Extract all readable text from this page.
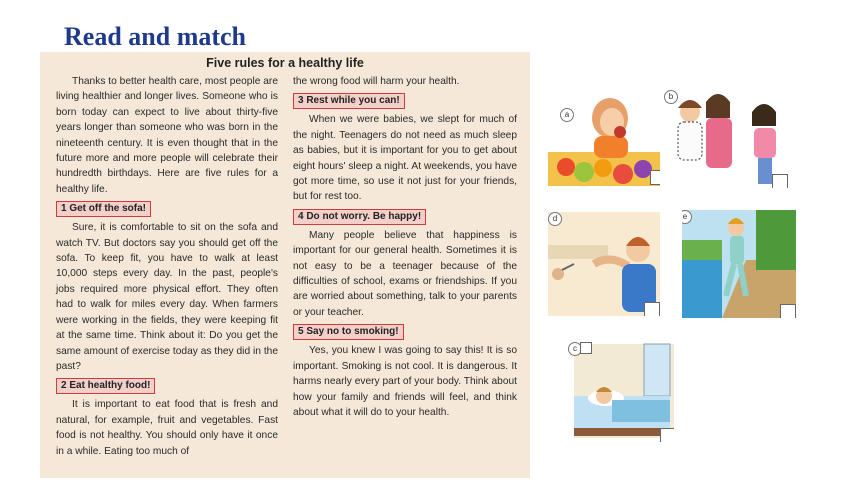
Read and match
Five rules for a healthy life

Thanks to better health care, most people are living healthier and longer lives. Someone who is born today can expect to live about thirty-five years longer than someone who was born in the nineteenth century. It is even thought that in the future more and more people will celebrate their hundredth birthdays. Here are five rules for a healthy life.

1 Get off the sofa!

Sure, it is comfortable to sit on the sofa and watch TV. But doctors say you should get off the sofa. To keep fit, you have to walk at least 10,000 steps every day. In the past, people's jobs required more physical effort. They often had to walk for miles every day. When farmers were working in the fields, they were keeping fit at the same time. Think about it: Do you get the same amount of exercise today as they did in the past?

2 Eat healthy food!

It is important to eat food that is fresh and natural, for example, fruit and vegetables. Fast food is not healthy. You should only have it once in a while. Eating too much of

the wrong food will harm your health.

3 Rest while you can!

When we were babies, we slept for much of the night. Teenagers do not need as much sleep as babies, but it is important for you to get about eight hours' sleep a night. At weekends, you have got more time, so use it not just for your friends, but for rest too.

4 Do not worry. Be happy!

Many people believe that happiness is important for our general health. Sometimes it is not easy to be a teenager because of the difficulties of school, exams or friendships. If you are worried about something, talk to your parents or your teacher.

5 Say no to smoking!

Yes, you knew I was going to say this! It is so important. Smoking is not cool. It is dangerous. It harms nearly every part of your body. Think about how your family and friends will feel, and think about what it will do to your health.

a
b
d	e
c
